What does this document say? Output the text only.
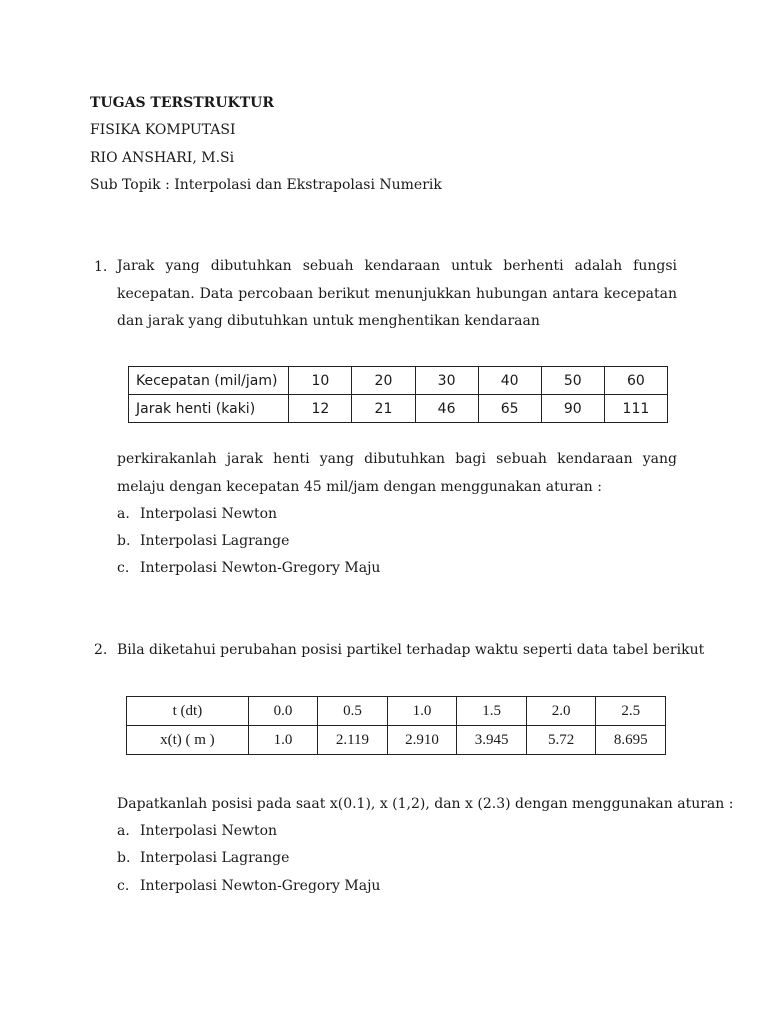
TUGAS TERSTRUKTUR
FISIKA KOMPUTASI
RIO ANSHARI, M.Si
Sub Topik : Interpolasi dan Ekstrapolasi Numerik
1. Jarak yang dibutuhkan sebuah kendaraan untuk berhenti adalah fungsi kecepatan. Data percobaan berikut menunjukkan hubungan antara kecepatan dan jarak yang dibutuhkan untuk menghentikan kendaraan
Kecepatan (mil/jam)	10	20	30	40	50	60
Jarak henti (kaki)	12	21	46	65	90	111
perkirakanlah jarak henti yang dibutuhkan bagi sebuah kendaraan yang melaju dengan kecepatan 45 mil/jam dengan menggunakan aturan :
a. Interpolasi Newton
b. Interpolasi Lagrange
c. Interpolasi Newton-Gregory Maju
2. Bila diketahui perubahan posisi partikel terhadap waktu seperti data tabel berikut
t (dt)	0.0	0.5	1.0	1.5	2.0	2.5
x(t) ( m )	1.0	2.119	2.910	3.945	5.72	8.695
Dapatkanlah posisi pada saat x(0.1), x (1,2), dan x (2.3) dengan menggunakan aturan :
a. Interpolasi Newton
b. Interpolasi Lagrange
c. Interpolasi Newton-Gregory Maju
